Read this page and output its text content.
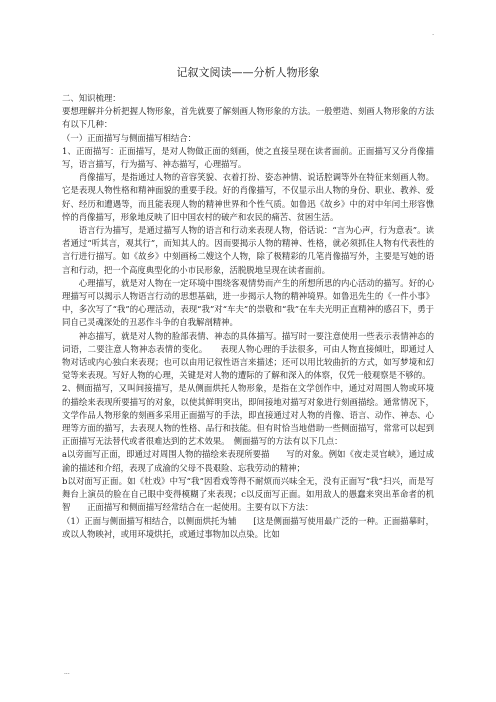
.
记叙文阅读——分析人物形象

二、知识梳理：

要想理解并分析把握人物形象，首先就要了解刻画人物形象的方法。一般塑造、刻画人物形象的方法有以下几种：

（一）正面描写与侧面描写相结合：

1、正面描写：正面描写，是对人物做正面的刻画，使之直接呈现在读者面前。正面描写又分肖像描写，语言描写，行为描写、神态描写，心理描写。

肖像描写，是指通过人物的音容笑貌、衣着打扮、姿态神情、说话腔调等外在特征来刻画人物。它是表现人物性格和精神面貌的重要手段。好的肖像描写，不仅显示出人物的身份、职业、教养、爱好、经历和遭遇等，而且能表现人物的精神世界和个性气质。如鲁迅《故乡》中的对中年闰土形容憔悴的肖像描写，形象地反映了旧中国农村的破产和农民的痛苦、贫困生活。

语言行为描写，是通过描写人物的语言和行动来表现人物，俗话说：“言为心声，行为意表”。读者通过“听其言，观其行”，而知其人的。因而要揭示人物的精神、性格，就必须抓住人物有代表性的言行进行描写。如《故乡》中刻画杨二嫂这个人物，除了极精彩的几笔肖像描写外，主要是写她的语言和行动，把一个高度典型化的小市民形象，活脱脱地呈现在读者面前。

心理描写，就是对人物在一定环境中围绕客观情势而产生的所想所思的内心活动的描写。好的心理描写可以揭示人物语言行动的思想基础，进一步揭示人物的精神境界。如鲁迅先生的《一件小事》中，多次写了“我”的心理活动，表现“我”对“车夫”的崇敬和“我”在车夫光明正直精神的感召下，勇于同自己灵魂深处的丑恶作斗争的自我解剖精神。

神态描写，就是对人物的脸部表情、神态的具体描写。描写时一要注意使用一些表示表情神态的词语，二要注意人物神态表情的变化。　　表现人物心理的手法很多，可由人物直接倾吐，即通过人物对话或内心独白来表现；也可以由用记叙性语言来描述；还可以用比较曲折的方式，如写梦境和幻觉等来表现。写好人物的心理，关键是对人物的遭际的了解和深入的体察，仅凭一般观察是不够的。

2、侧面描写，又叫间接描写，是从侧面烘托人物形象，是指在文学创作中，通过对周围人物或环境的描绘来表现所要描写的对象，以使其鲜明突出，即间接地对描写对象进行刻画描绘。通常情况下，文学作品人物形象的刻画多采用正面描写的手法，即直接通过对人物的肖像、语言、动作、神态、心理等方面的描写，去表现人物的性格、品行和技能。但有时恰当地借助一些侧面描写，常常可以起到正面描写无法替代或者很难达到的艺术效果。　侧面描写的方法有以下几点：

a以旁面写正面，即通过对周围人物的描绘来表现所要描　　写的对象。例如《夜走灵官峡》，通过成渝的描述和介绍，表现了成渝的父母不畏艰险、忘我劳动的精神；

b以对面写正面。如《杜戏》中写“我”因看戏等得不耐烦而兴味全无，没有正面写“我”扫兴，而是写舞台上演员的脸在自己眼中变得模糊了来表现；c以反面写正面。如用敌人的愚蠢来突出革命者的机智　　正面描写和侧面描写经常结合在一起使用。主要有以下方法：

（1）正面与侧面描写相结合，以侧面烘托为辅　　[这是侧面描写使用最广泛的一种。正面描摹时，或以人物映衬，或用环境烘托，或通过事物加以点染。比如

...
